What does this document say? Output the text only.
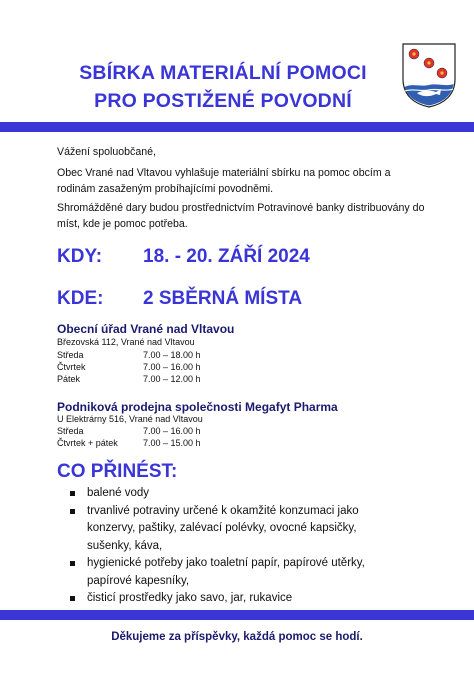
SBÍRKA MATERIÁLNÍ POMOCI
PRO POSTIŽENÉ POVODNÍ
Vážení spoluobčané,
Obec Vrané nad Vltavou vyhlašuje materiální sbírku na pomoc obcím a rodinám zasaženým probíhajícími povodněmi.
Shromážděné dary budou prostřednictvím Potravinové banky distribuovány do míst, kde je pomoc potřeba.
KDY: 18. - 20. ZÁŘÍ 2024
KDE: 2 SBĚRNÁ MÍSTA
Obecní úřad Vrané nad Vltavou
Březovská 112, Vrané nad Vltavou
Středa	7.00 – 18.00 h
Čtvrtek	7.00 – 16.00 h
Pátek	7.00 – 12.00 h
Podniková prodejna společnosti Megafyt Pharma
U Elektrárny 516, Vrané nad Vltavou
Středa	7.00 – 16.00 h
Čtvrtek + pátek	7.00 – 15.00 h
CO PŘINÉST:
balené vody
trvanlivé potraviny určené k okamžité konzumaci jako konzervy, paštiky, zalévací polévky, ovocné kapsičky, sušenky, káva,
hygienické potřeby jako toaletní papír, papírové utěrky, papírové kapesníky,
čisticí prostředky jako savo, jar, rukavice
Děkujeme za příspěvky, každá pomoc se hodí.
